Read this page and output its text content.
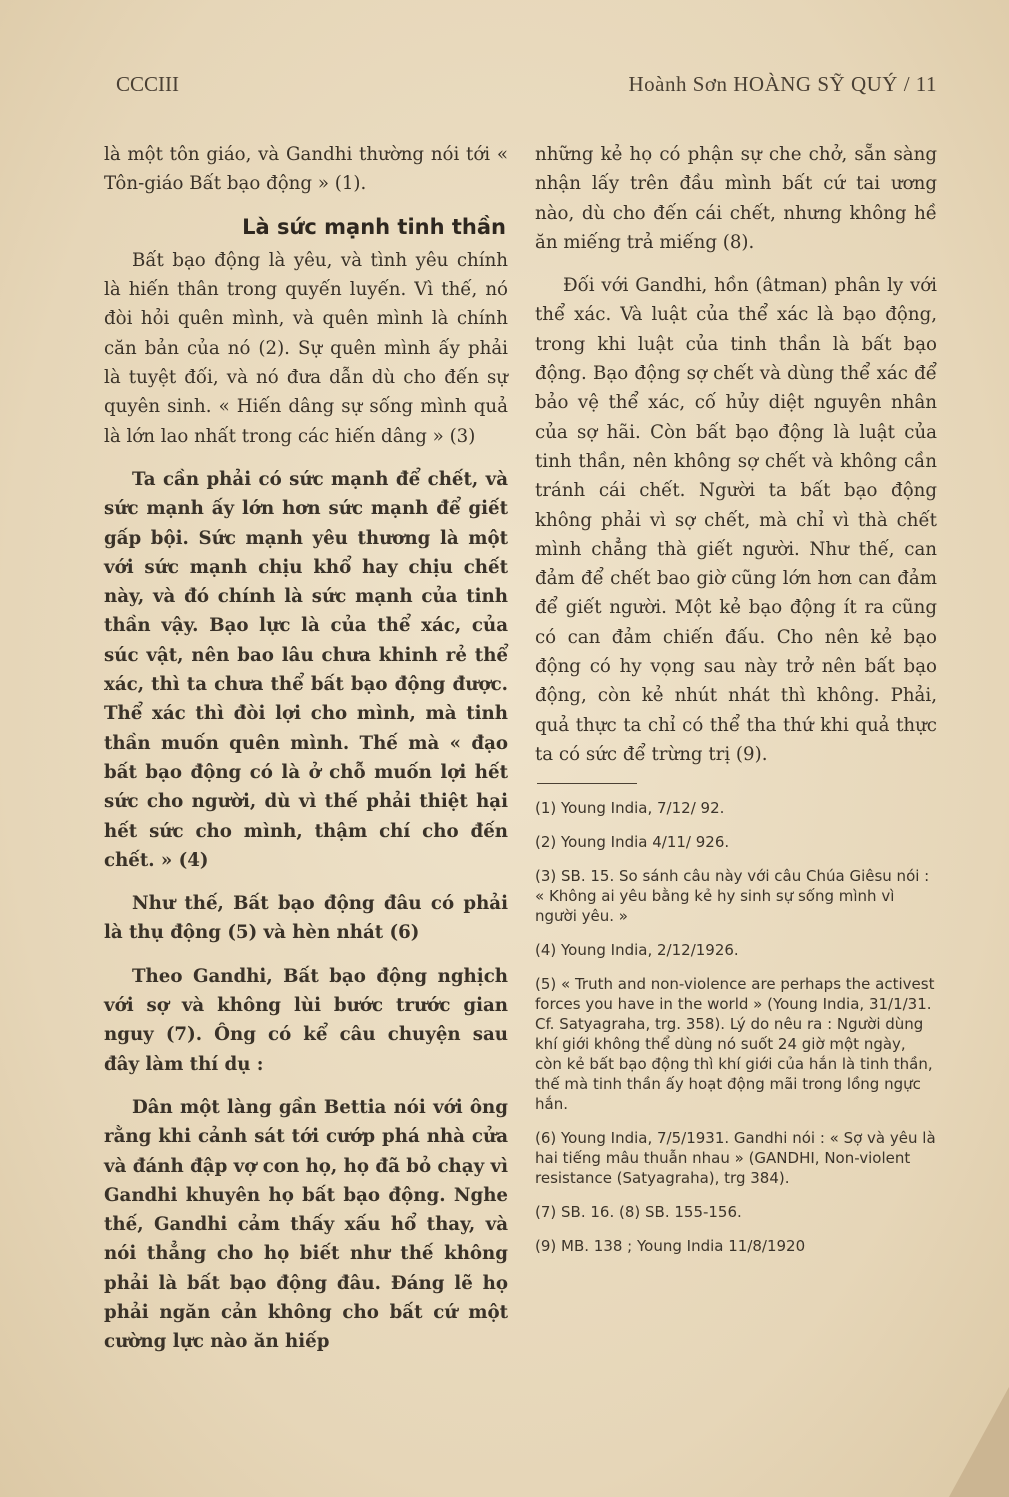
CCCIII	Hoành Sơn HOÀNG SỸ QUÝ / 11

là một tôn giáo, và Gandhi thường nói tới « Tôn-giáo Bất bạo động » (1).

Là sức mạnh tinh thần

Bất bạo động là yêu, và tình yêu chính là hiến thân trong quyến luyến. Vì thế, nó đòi hỏi quên mình, và quên mình là chính căn bản của nó (2). Sự quên mình ấy phải là tuyệt đối, và nó đưa dẫn dù cho đến sự quyên sinh. « Hiến dâng sự sống mình quả là lớn lao nhất trong các hiến dâng » (3)

Ta cần phải có sức mạnh để chết, và sức mạnh ấy lớn hơn sức mạnh để giết gấp bội. Sức mạnh yêu thương là một với sức mạnh chịu khổ hay chịu chết này, và đó chính là sức mạnh của tinh thần vậy. Bạo lực là của thể xác, của súc vật, nên bao lâu chưa khinh rẻ thể xác, thì ta chưa thể bất bạo động được. Thể xác thì đòi lợi cho mình, mà tinh thần muốn quên mình. Thế mà « đạo bất bạo động có là ở chỗ muốn lợi hết sức cho người, dù vì thế phải thiệt hại hết sức cho mình, thậm chí cho đến chết. » (4)

Như thế, Bất bạo động đâu có phải là thụ động (5) và hèn nhát (6)

Theo Gandhi, Bất bạo động nghịch với sợ và không lùi bước trước gian nguy (7). Ông có kể câu chuyện sau đây làm thí dụ :

Dân một làng gần Bettia nói với ông rằng khi cảnh sát tới cướp phá nhà cửa và đánh đập vợ con họ, họ đã bỏ chạy vì Gandhi khuyên họ bất bạo động. Nghe thế, Gandhi cảm thấy xấu hổ thay, và nói thẳng cho họ biết như thế không phải là bất bạo động đâu. Đáng lẽ họ phải ngăn cản không cho bất cứ một cường lực nào ăn hiếp

những kẻ họ có phận sự che chở, sẵn sàng nhận lấy trên đầu mình bất cứ tai ương nào, dù cho đến cái chết, nhưng không hề ăn miếng trả miếng (8).

Đối với Gandhi, hồn (âtman) phân ly với thể xác. Và luật của thể xác là bạo động, trong khi luật của tinh thần là bất bạo động. Bạo động sợ chết và dùng thể xác để bảo vệ thể xác, cố hủy diệt nguyên nhân của sợ hãi. Còn bất bạo động là luật của tinh thần, nên không sợ chết và không cần tránh cái chết. Người ta bất bạo động không phải vì sợ chết, mà chỉ vì thà chết mình chẳng thà giết người. Như thế, can đảm để chết bao giờ cũng lớn hơn can đảm để giết người. Một kẻ bạo động ít ra cũng có can đảm chiến đấu. Cho nên kẻ bạo động có hy vọng sau này trở nên bất bạo động, còn kẻ nhút nhát thì không. Phải, quả thực ta chỉ có thể tha thứ khi quả thực ta có sức để trừng trị (9).

(1) Young India, 7/12/ 92.

(2) Young India 4/11/ 926.

(3) SB. 15. So sánh câu này với câu Chúa Giêsu nói : « Không ai yêu bằng kẻ hy sinh sự sống mình vì người yêu. »

(4) Young India, 2/12/1926.

(5) « Truth and non-violence are perhaps the activest forces you have in the world » (Young India, 31/1/31. Cf. Satyagraha, trg. 358). Lý do nêu ra : Người dùng khí giới không thể dùng nó suốt 24 giờ một ngày, còn kẻ bất bạo động thì khí giới của hắn là tinh thần, thế mà tinh thần ấy hoạt động mãi trong lồng ngực hắn.

(6) Young India, 7/5/1931. Gandhi nói : « Sợ và yêu là hai tiếng mâu thuẫn nhau » (GANDHI, Non-violent resistance (Satyagraha), trg 384).

(7) SB. 16. (8) SB. 155-156.

(9) MB. 138 ; Young India 11/8/1920
